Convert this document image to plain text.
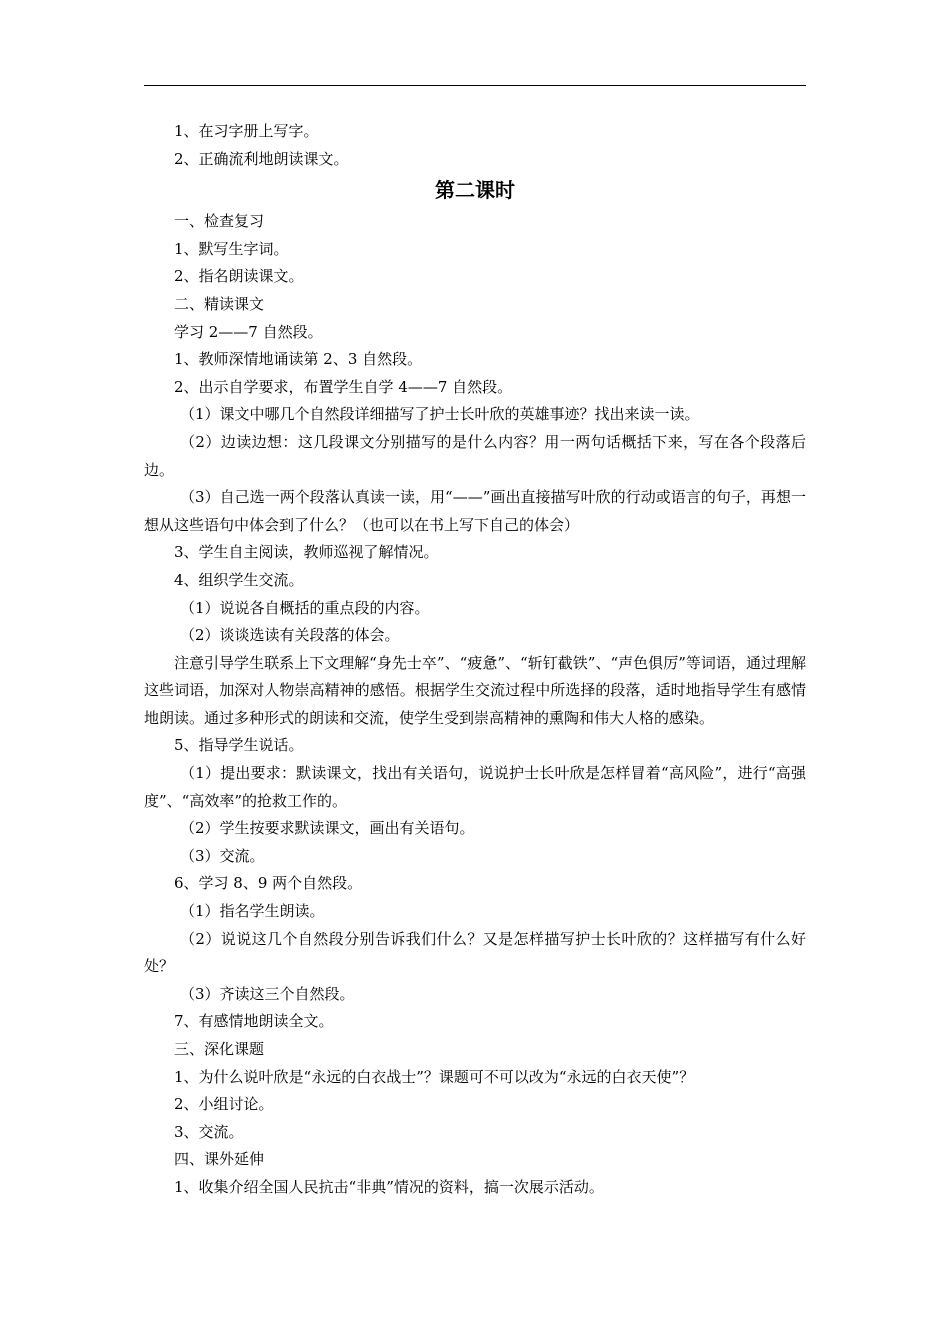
1、在习字册上写字。

2、正确流利地朗读课文。

第二课时

一、检查复习

1、默写生字词。

2、指名朗读课文。

二、精读课文

学习 2——7 自然段。

1、教师深情地诵读第 2、3 自然段。

2、出示自学要求，布置学生自学 4——7 自然段。

（1）课文中哪几个自然段详细描写了护士长叶欣的英雄事迹？找出来读一读。

（2）边读边想：这几段课文分别描写的是什么内容？用一两句话概括下来，写在各个段落后边。

（3）自己选一两个段落认真读一读，用“——”画出直接描写叶欣的行动或语言的句子，再想一想从这些语句中体会到了什么？（也可以在书上写下自己的体会）

3、学生自主阅读，教师巡视了解情况。

4、组织学生交流。

（1）说说各自概括的重点段的内容。

（2）谈谈选读有关段落的体会。

注意引导学生联系上下文理解“身先士卒”、“疲惫”、“斩钉截铁”、“声色俱厉”等词语，通过理解这些词语，加深对人物崇高精神的感悟。根据学生交流过程中所选择的段落，适时地指导学生有感情地朗读。通过多种形式的朗读和交流，使学生受到崇高精神的熏陶和伟大人格的感染。

5、指导学生说话。

（1）提出要求：默读课文，找出有关语句，说说护士长叶欣是怎样冒着“高风险”，进行“高强度”、“高效率”的抢救工作的。

（2）学生按要求默读课文，画出有关语句。

（3）交流。

6、学习 8、9 两个自然段。

（1）指名学生朗读。

（2）说说这几个自然段分别告诉我们什么？又是怎样描写护士长叶欣的？这样描写有什么好处？

（3）齐读这三个自然段。

7、有感情地朗读全文。

三、深化课题

1、为什么说叶欣是“永远的白衣战士”？课题可不可以改为“永远的白衣天使”？

2、小组讨论。

3、交流。

四、课外延伸

1、收集介绍全国人民抗击“非典”情况的资料，搞一次展示活动。
